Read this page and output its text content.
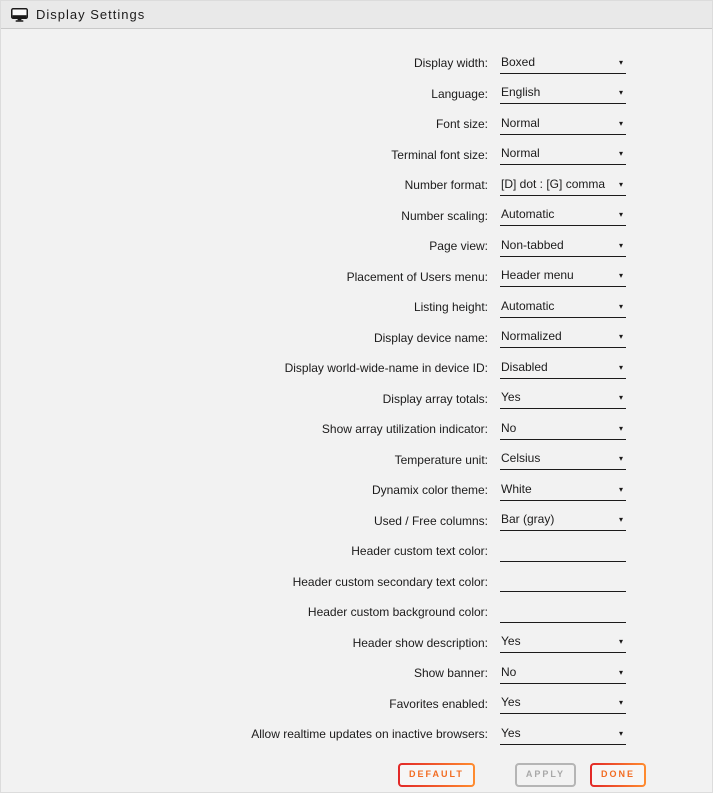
Display Settings
Display width:
Boxed	▾
Language:
English	▾
Font size:
Normal	▾
Terminal font size:
Normal	▾
Number format:
[D] dot : [G] comma	▾
Number scaling:
Automatic	▾
Page view:
Non-tabbed	▾
Placement of Users menu:
Header menu	▾
Listing height:
Automatic	▾
Display device name:
Normalized	▾
Display world-wide-name in device ID:
Disabled	▾
Display array totals:
Yes	▾
Show array utilization indicator:
No	▾
Temperature unit:
Celsius	▾
Dynamix color theme:
White	▾
Used / Free columns:
Bar (gray)	▾
Header custom text color:
Header custom secondary text color:
Header custom background color:
Header show description:
Yes	▾
Show banner:
No	▾
Favorites enabled:
Yes	▾
Allow realtime updates on inactive browsers:
Yes	▾
DEFAULT	APPLY	DONE
